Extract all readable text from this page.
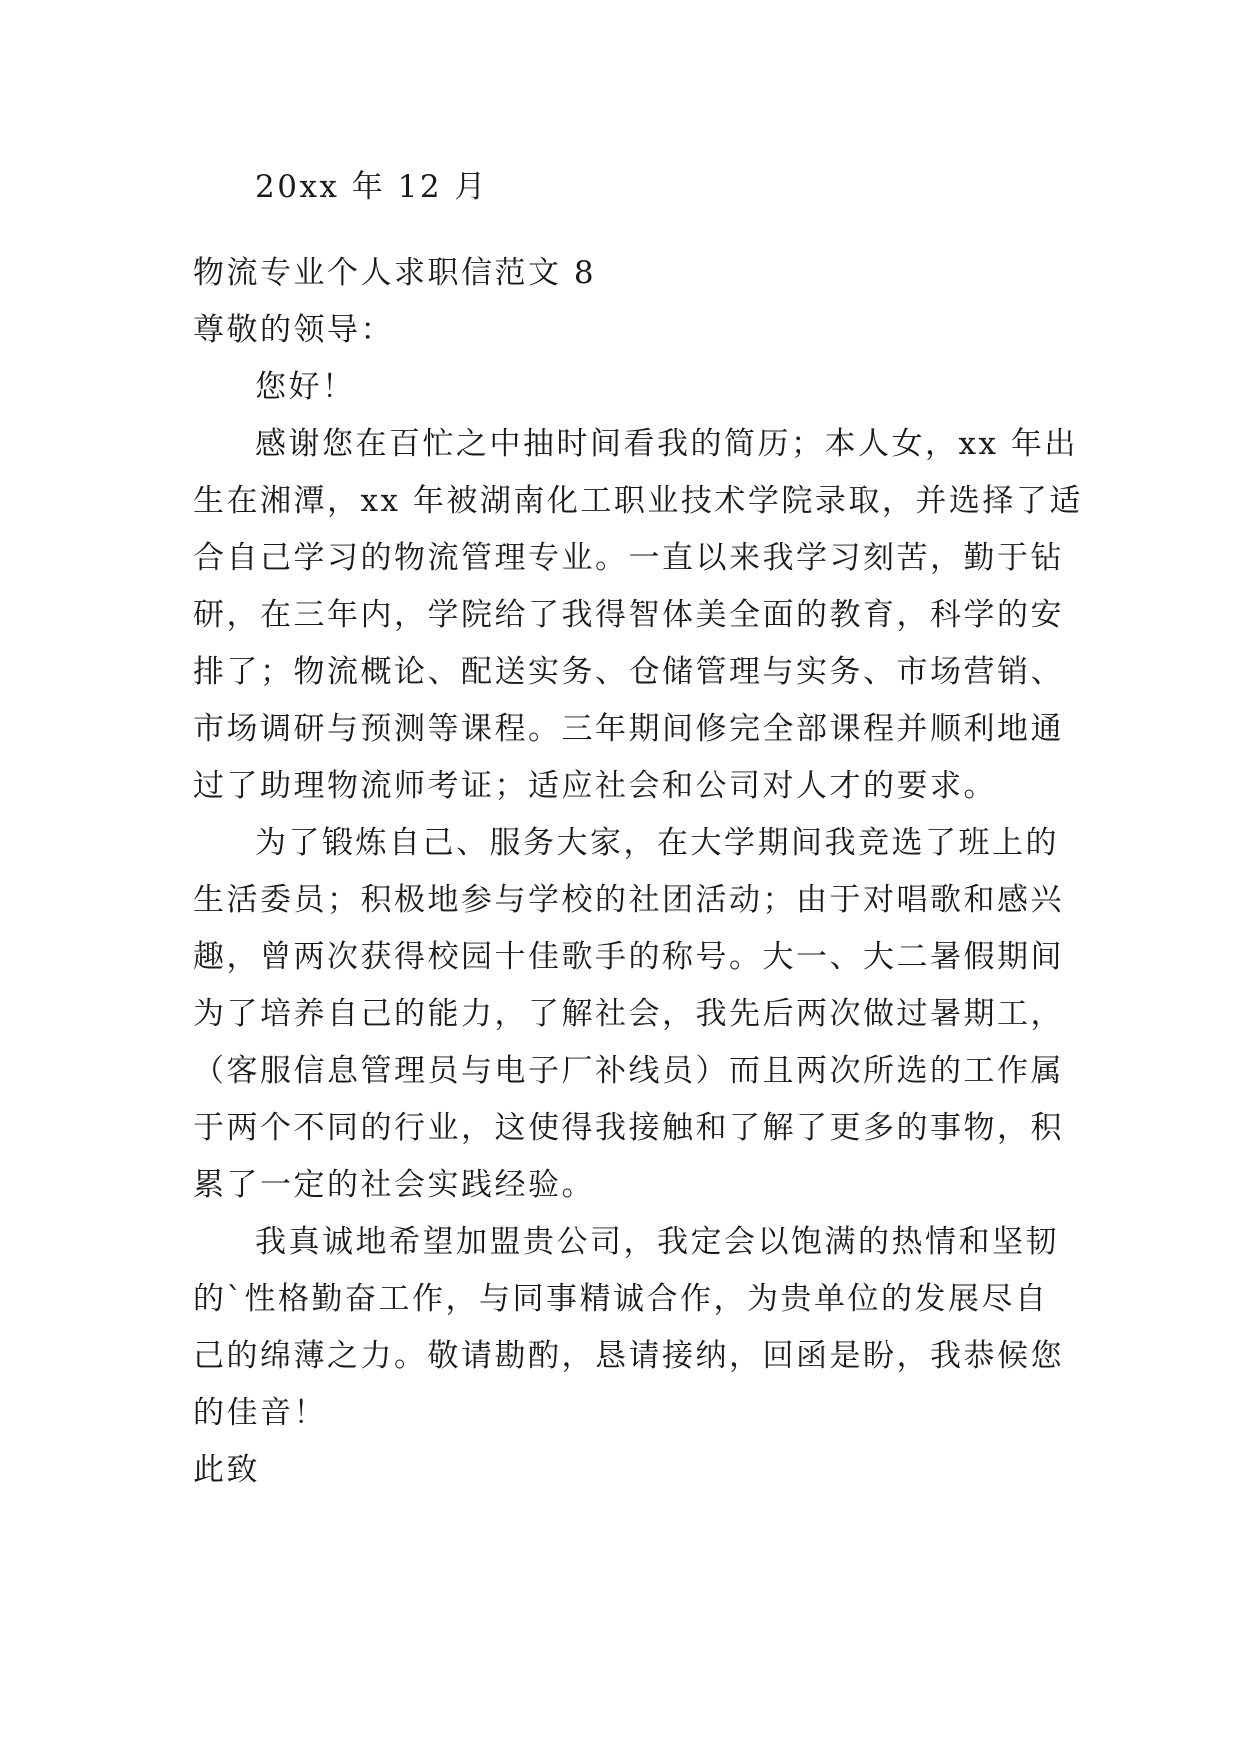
20xx 年 12 月
物流专业个人求职信范文 8
尊敬的领导：
您好！
感谢您在百忙之中抽时间看我的简历；本人女，xx 年出
生在湘潭，xx 年被湖南化工职业技术学院录取，并选择了适
合自己学习的物流管理专业。一直以来我学习刻苦，勤于钻
研，在三年内，学院给了我得智体美全面的教育，科学的安
排了；物流概论、配送实务、仓储管理与实务、市场营销、
市场调研与预测等课程。三年期间修完全部课程并顺利地通
过了助理物流师考证；适应社会和公司对人才的要求。
为了锻炼自己、服务大家，在大学期间我竞选了班上的
生活委员；积极地参与学校的社团活动；由于对唱歌和感兴
趣，曾两次获得校园十佳歌手的称号。大一、大二暑假期间
为了培养自己的能力，了解社会，我先后两次做过暑期工，
（客服信息管理员与电子厂补线员）而且两次所选的工作属
于两个不同的行业，这使得我接触和了解了更多的事物，积
累了一定的社会实践经验。
我真诚地希望加盟贵公司，我定会以饱满的热情和坚韧
的`性格勤奋工作，与同事精诚合作，为贵单位的发展尽自
己的绵薄之力。敬请勘酌，恳请接纳，回函是盼，我恭候您
的佳音！
此致
